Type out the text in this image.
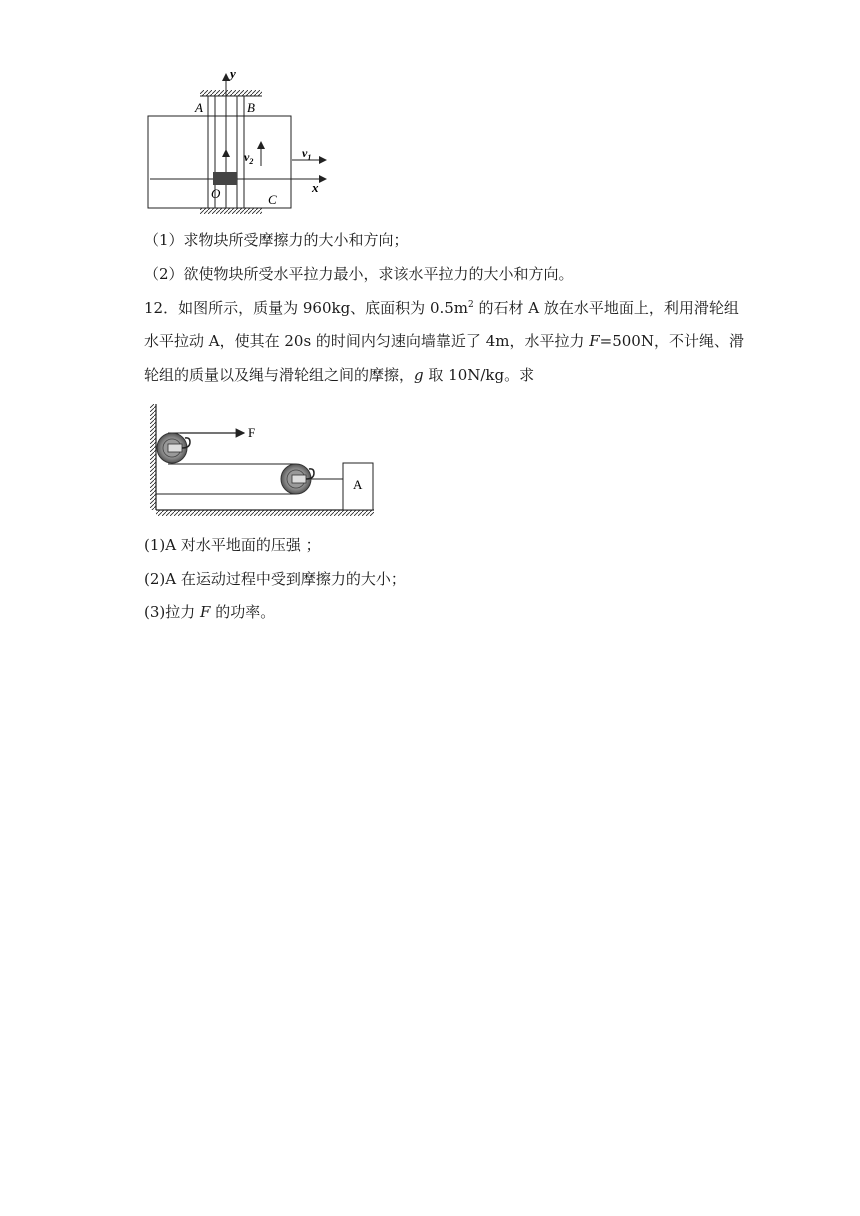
A	B
y
x
O	C
$v_2$
$v_1$
（1）求物块所受摩擦力的大小和方向；
（2）欲使物块所受水平拉力最小，求该水平拉力的大小和方向。
12．如图所示，质量为 960kg、底面积为 $0.5m^2$ 的石材 A 放在水平地面上，利用滑轮组
水平拉动 A，使其在 20s 的时间内匀速向墙靠近了 4m，水平拉力 F=500N，不计绳、滑
轮组的质量以及绳与滑轮组之间的摩擦，g 取 10N/kg。求
F
A
(1)A 对水平地面的压强 ；
(2)A 在运动过程中受到摩擦力的大小；
(3)拉力 F 的功率。
